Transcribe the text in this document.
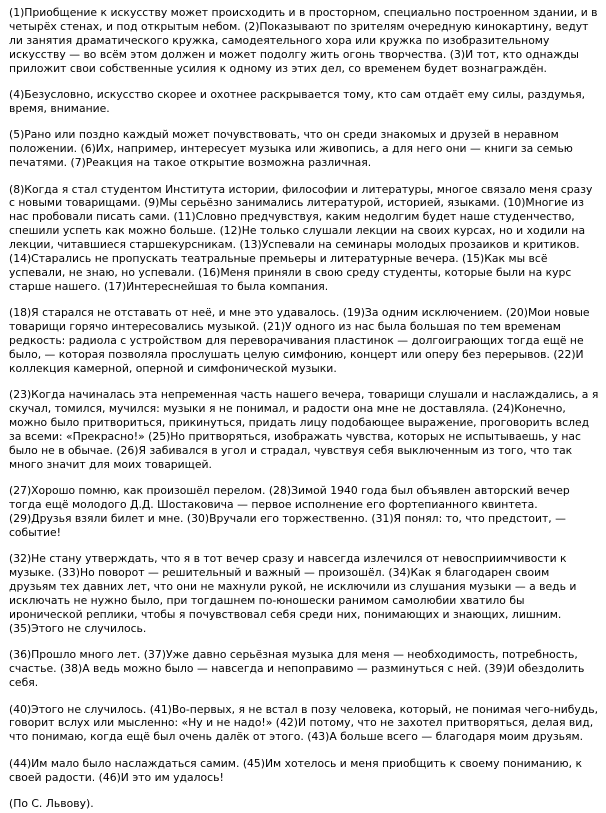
(1)Приобщение к искусству может происходить и в просторном, специально построенном здании, и в четырёх стенах, и под открытым небом. (2)Показывают по зрителям очередную кинокартину, ведут ли занятия драматического кружка, самодеятельного хора или кружка по изобразительному искусству — во всём этом должен и может подолгу жить огонь творчества. (3)И тот, кто однажды приложит свои собственные усилия к одному из этих дел, со временем будет вознаграждён.

(4)Безусловно, искусство скорее и охотнее раскрывается тому, кто сам отдаёт ему силы, раздумья, время, внимание.

(5)Рано или поздно каждый может почувствовать, что он среди знакомых и друзей в неравном положении. (6)Их, например, интересует музыка или живопись, а для него они — книги за семью печатями. (7)Реакция на такое открытие возможна различная.

(8)Когда я стал студентом Института истории, философии и литературы, многое связало меня сразу с новыми товарищами. (9)Мы серьёзно занимались литературой, историей, языками. (10)Многие из нас пробовали писать сами. (11)Словно предчувствуя, каким недолгим будет наше студенчество, спешили успеть как можно больше. (12)Не только слушали лекции на своих курсах, но и ходили на лекции, читавшиеся старшекурсникам. (13)Успевали на семинары молодых прозаиков и критиков. (14)Старались не пропускать театральные премьеры и литературные вечера. (15)Как мы всё успевали, не знаю, но успевали. (16)Меня приняли в свою среду студенты, которые были на курс старше нашего. (17)Интереснейшая то была компания.

(18)Я старался не отставать от неё, и мне это удавалось. (19)За одним исключением. (20)Мои новые товарищи горячо интересовались музыкой. (21)У одного из нас была большая по тем временам редкость: радиола с устройством для переворачивания пластинок — долгоиграющих тогда ещё не было, — которая позволяла прослушать целую симфонию, концерт или оперу без перерывов. (22)И коллекция камерной, оперной и симфонической музыки.

(23)Когда начиналась эта непременная часть нашего вечера, товарищи слушали и наслаждались, а я скучал, томился, мучился: музыки я не понимал, и радости она мне не доставляла. (24)Конечно, можно было притвориться, прикинуться, придать лицу подобающее выражение, проговорить вслед за всеми: «Прекрасно!» (25)Но притворяться, изображать чувства, которых не испытываешь, у нас было не в обычае. (26)Я забивался в угол и страдал, чувствуя себя выключенным из того, что так много значит для моих товарищей.

(27)Хорошо помню, как произошёл перелом. (28)Зимой 1940 года был объявлен авторский вечер тогда ещё молодого Д.Д. Шостаковича — первое исполнение его фортепианного квинтета. (29)Друзья взяли билет и мне. (30)Вручали его торжественно. (31)Я понял: то, что предстоит, — событие!

(32)Не стану утверждать, что я в тот вечер сразу и навсегда излечился от невосприимчивости к музыке. (33)Но поворот — решительный и важный — произошёл. (34)Как я благодарен своим друзьям тех давних лет, что они не махнули рукой, не исключили из слушания музыки — а ведь и исключать не нужно было, при тогдашнем по-юношески ранимом самолюбии хватило бы иронической реплики, чтобы я почувствовал себя среди них, понимающих и знающих, лишним. (35)Этого не случилось.

(36)Прошло много лет. (37)Уже давно серьёзная музыка для меня — необходимость, потребность, счастье. (38)А ведь можно было — навсегда и непоправимо — разминуться с ней. (39)И обездолить себя.

(40)Этого не случилось. (41)Во-первых, я не встал в позу человека, который, не понимая чего-нибудь, говорит вслух или мысленно: «Ну и не надо!» (42)И потому, что не захотел притворяться, делая вид, что понимаю, когда ещё был очень далёк от этого. (43)А больше всего — благодаря моим друзьям.

(44)Им мало было наслаждаться самим. (45)Им хотелось и меня приобщить к своему пониманию, к своей радости. (46)И это им удалось!

(По С. Львову).
